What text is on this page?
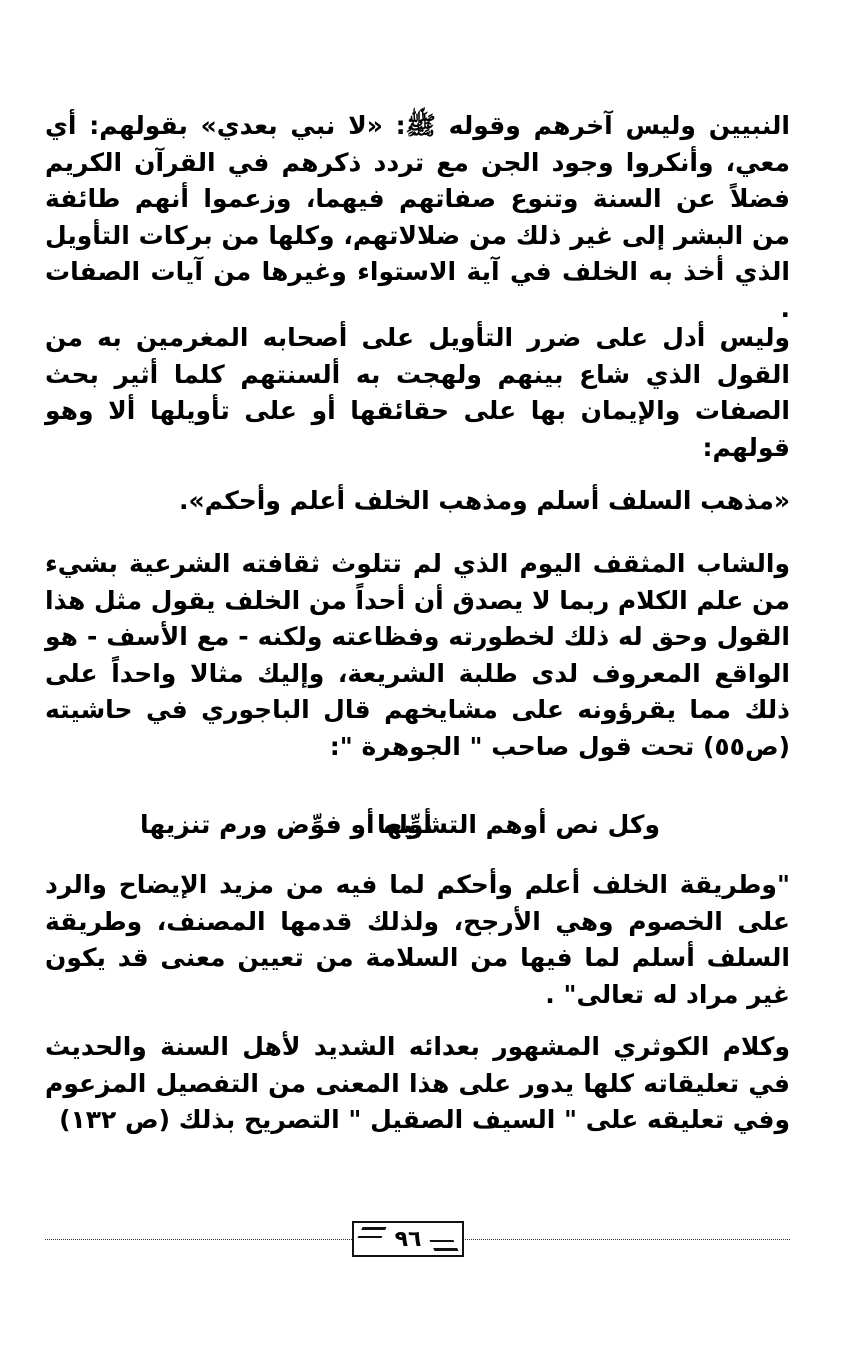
النبيين وليس آخرهم وقوله ﷺ: «لا نبي بعدي» بقولهم: أي معي، وأنكروا وجود الجن مع تردد ذكرهم في القرآن الكريم فضلاً عن السنة وتنوع صفاتهم فيهما، وزعموا أنهم طائفة من البشر إلى غير ذلك من ضلالاتهم، وكلها من بركات التأويل الذي أخذ به الخلف في آية الاستواء وغيرها من آيات الصفات .
وليس أدل على ضرر التأويل على أصحابه المغرمين به من القول الذي شاع بينهم ولهجت به ألسنتهم كلما أثير بحث الصفات والإيمان بها على حقائقها أو على تأويلها ألا وهو قولهم:
«مذهب السلف أسلم ومذهب الخلف أعلم وأحكم».
والشاب المثقف اليوم الذي لم تتلوث ثقافته الشرعية بشيء من علم الكلام ربما لا يصدق أن أحداً من الخلف يقول مثل هذا القول وحق له ذلك لخطورته وفظاعته ولكنه - مع الأسف - هو الواقع المعروف لدى طلبة الشريعة، وإليك مثالا واحداً على ذلك مما يقرؤونه على مشايخهم قال الباجوري في حاشيته (ص٥٥) تحت قول صاحب " الجوهرة ":
وكل نص أوهم التشبيها
أوِّله أو فوِّض ورم تنزيها
"وطريقة الخلف أعلم وأحكم لما فيه من مزيد الإيضاح والرد على الخصوم وهي الأرجح، ولذلك قدمها المصنف، وطريقة السلف أسلم لما فيها من السلامة من تعيين معنى قد يكون غير مراد له تعالى" .
وكلام الكوثري المشهور بعدائه الشديد لأهل السنة والحديث في تعليقاته كلها يدور على هذا المعنى من التفصيل المزعوم وفي تعليقه على " السيف الصقيل " التصريح بذلك (ص ١٣٢)
٩٦
